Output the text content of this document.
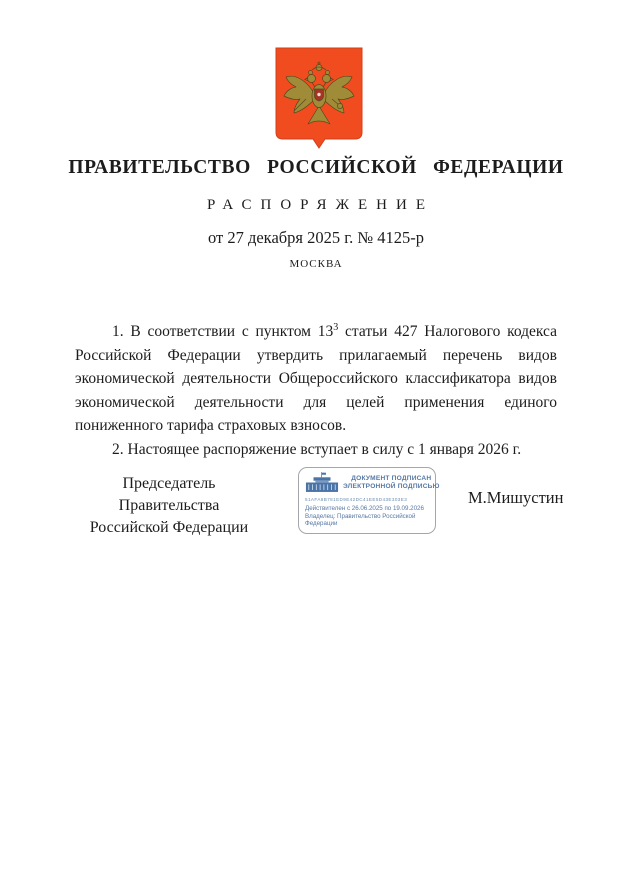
ПРАВИТЕЛЬСТВО РОССИЙСКОЙ ФЕДЕРАЦИИ
РАСПОРЯЖЕНИЕ
от 27 декабря 2025 г. № 4125-р
МОСКВА

1. В соответствии с пунктом $13^3$ статьи 427 Налогового кодекса Российской Федерации утвердить прилагаемый перечень видов экономической деятельности Общероссийского классификатора видов экономической деятельности для целей применения единого пониженного тарифа страховых взносов.

2. Настоящее распоряжение вступает в силу с 1 января 2026 г.

Председатель Правительства
Российской Федерации
ДОКУМЕНТ ПОДПИСАН
ЭЛЕКТРОННОЙ ПОДПИСЬЮ
51AFA8B781ED9E42DC41EE5D43E303E3
Действителен с 26.06.2025 по 19.09.2026
Владелец: Правительство Российской Федерации
М.Мишустин
